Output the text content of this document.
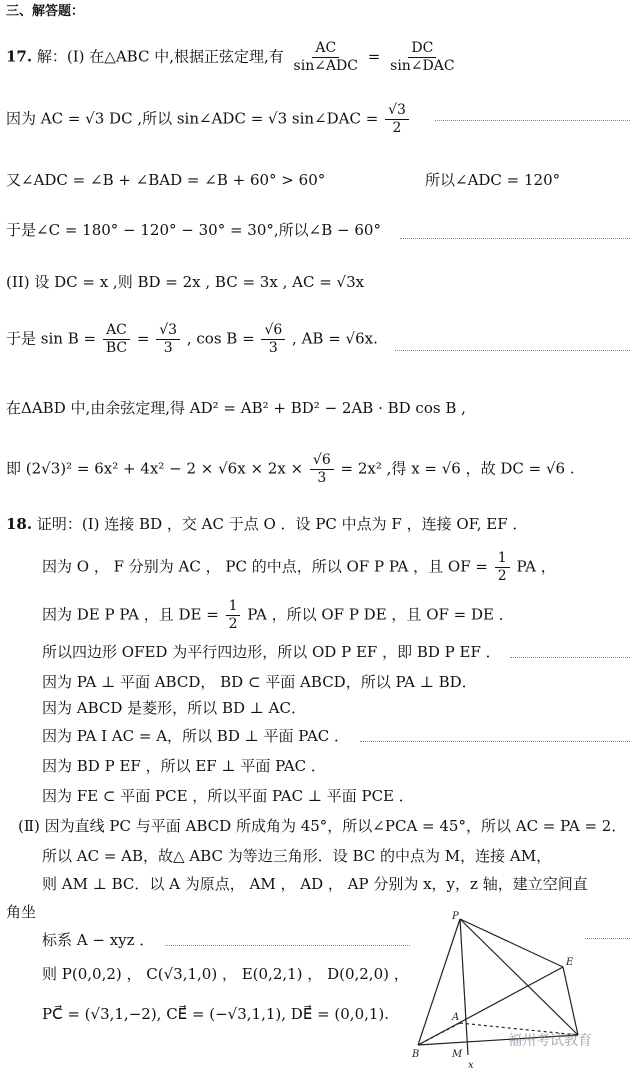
三、解答题：
17. 解：(I) 在△ABC 中,根据正弦定理,有 $\frac{AC}{\text{sin∠ADC}} = \frac{DC}{\text{sin∠DAC}}$
因为 AC = √3 DC ,所以 sin∠ADC = √3 sin∠DAC = $\frac{√3}{2}$
又∠ADC = ∠B + ∠BAD = ∠B + 60° > 60°	所以∠ADC = 120°
于是∠C = 180° − 120° − 30° = 30°,所以∠B − 60°
(II) 设 DC = x ,则 BD = 2x , BC = 3x , AC = √3x
于是 $\sin B = \frac{AC}{BC} = \frac{√3}{3}$ , $\cos B = \frac{√6}{3}$ , AB = √6x.
在ΔABD 中,由余弦定理,得 AD² = AB² + BD² − 2AB · BD cos B ,
即 $(2√3)^2 = 6x^2 + 4x^2 - 2 \times √6x \times 2x \times \frac{√6}{3} = 2x^2$ ,得 x = √6 ，故 DC = √6 .
18. 证明：(Ⅰ) 连接 BD ，交 AC 于点 O ．设 PC 中点为 F ，连接 OF, EF ．
因为 O ， F 分别为 AC ， PC 的中点，所以 OF P PA ，且 OF = $\frac{1}{2}$ PA ，
因为 DE P PA ，且 DE = $\frac{1}{2}$ PA ，所以 OF P DE ，且 OF = DE ．
所以四边形 OFED 为平行四边形，所以 OD P EF ，即 BD P EF ．
因为 PA ⊥ 平面 ABCD， BD ⊂ 平面 ABCD，所以 PA ⊥ BD．
因为 ABCD 是菱形，所以 BD ⊥ AC．
因为 PA I AC = A，所以 BD ⊥ 平面 PAC ．
因为 BD P EF ，所以 EF ⊥ 平面 PAC ．
因为 FE ⊂ 平面 PCE ，所以平面 PAC ⊥ 平面 PCE ．
(Ⅱ) 因为直线 PC 与平面 ABCD 所成角为 45°，所以∠PCA = 45°，所以 AC = PA = 2．
所以 AC = AB，故△ ABC 为等边三角形．设 BC 的中点为 M，连接 AM，
则 AM ⊥ BC．以 A 为原点， AM ， AD ， AP 分别为 x，y，z 轴，建立空间直
角坐
标系 A − xyz ．
则 P(0,0,2) ， C(√3,1,0) ， E(0,2,1) ， D(0,2,0) ，
PC⃗ = (√3,1,−2), CE⃗ = (−√3,1,1), DE⃗ = (0,0,1).
P
E
A
B	M
x
福州考试教育
